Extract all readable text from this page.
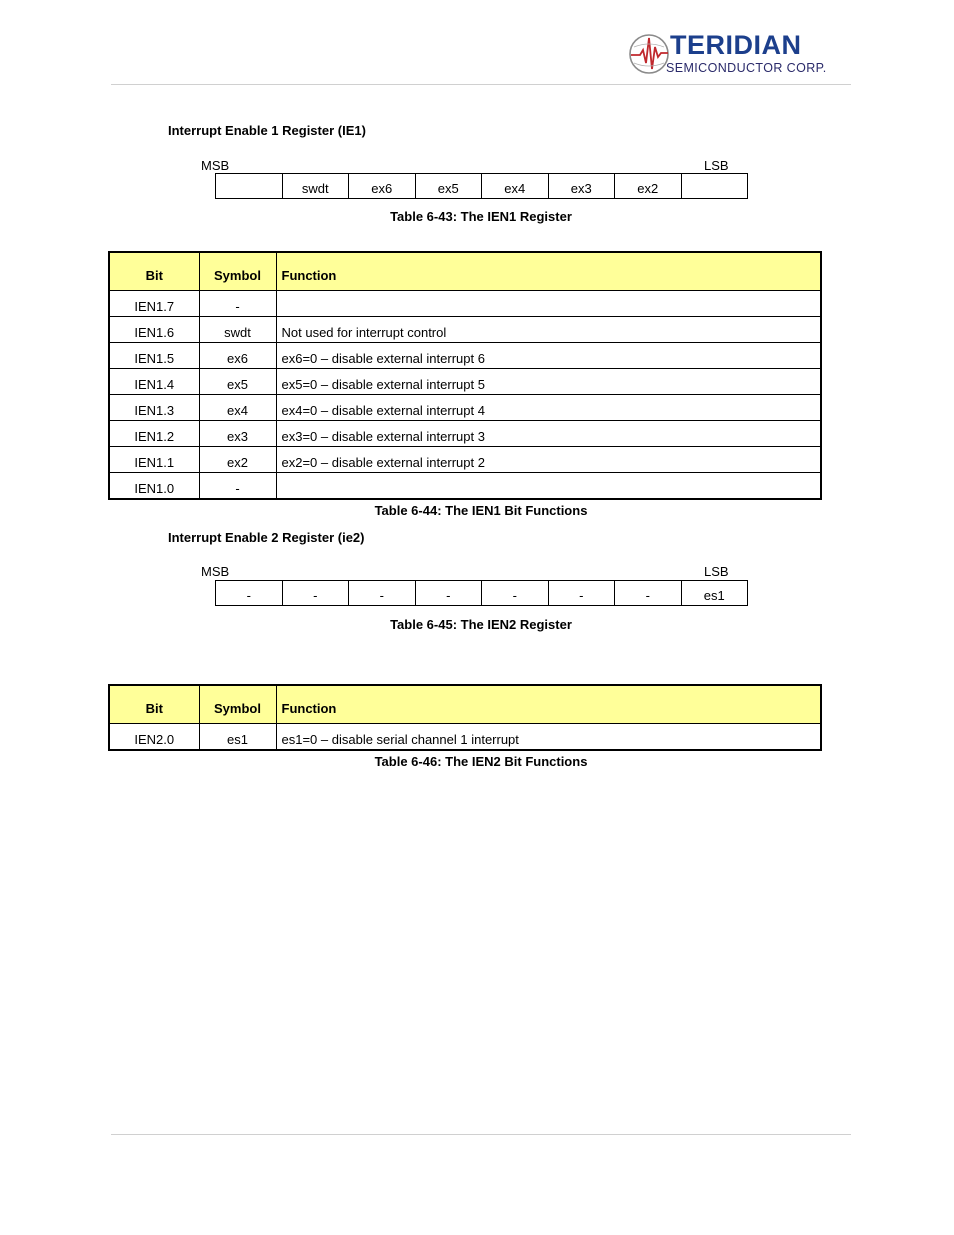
TERIDIAN
SEMICONDUCTOR CORP.
Interrupt Enable 1 Register (IE1)
MSB	LSB
	swdt	ex6	ex5	ex4	ex3	ex2	
Table 6-43: The IEN1 Register
Bit	Symbol	Function
IEN1.7	-	
IEN1.6	swdt	Not used for interrupt control
IEN1.5	ex6	ex6=0 – disable external interrupt 6
IEN1.4	ex5	ex5=0 – disable external interrupt 5
IEN1.3	ex4	ex4=0 – disable external interrupt 4
IEN1.2	ex3	ex3=0 – disable external interrupt 3
IEN1.1	ex2	ex2=0 – disable external interrupt 2
IEN1.0	-	
Table 6-44: The IEN1 Bit Functions
Interrupt Enable 2 Register (ie2)
MSB	LSB
-	-	-	-	-	-	-	es1
Table 6-45: The IEN2 Register
Bit	Symbol	Function
IEN2.0	es1	es1=0 – disable serial channel 1 interrupt
Table 6-46: The IEN2 Bit Functions
